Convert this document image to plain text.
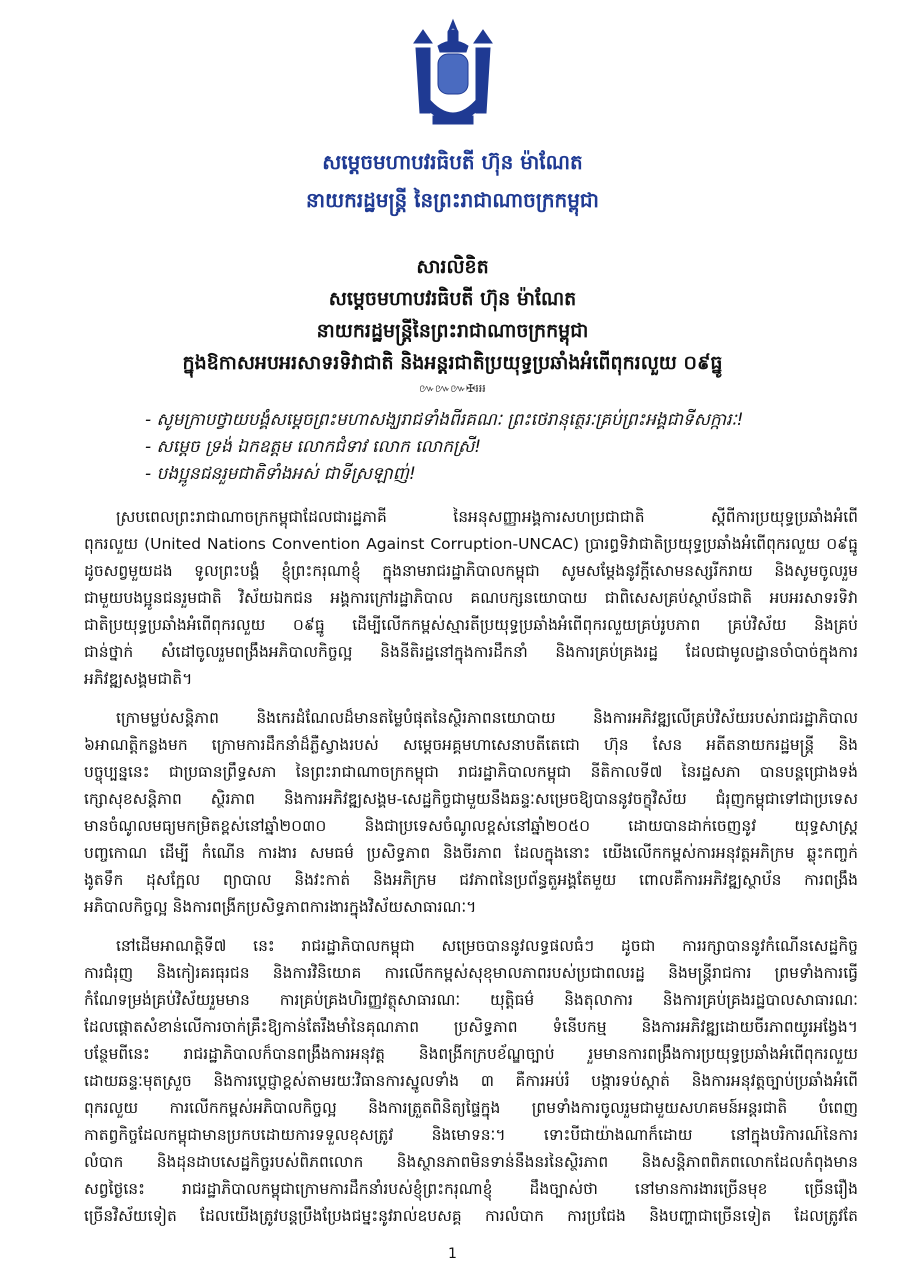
សម្តេចមហាបវរធិបតី ហ៊ុន ម៉ាណែត
នាយករដ្ឋមន្ត្រី នៃព្រះរាជាណាចក្រកម្ពុជា
សារលិខិត
សម្តេចមហាបវរធិបតី ហ៊ុន ម៉ាណែត
នាយករដ្ឋមន្ត្រីនៃព្រះរាជាណាចក្រកម្ពុជា
ក្នុងឱកាសអបអរសាទរទិវាជាតិ និងអន្តរជាតិប្រយុទ្ធប្រឆាំងអំពើពុករលួយ ០៩ធ្នូ
៚៚៚✠៛៛៛
- សូមក្រាបថ្វាយបង្គំសម្តេចព្រះមហាសង្ឃរាជទាំងពីរគណៈ ព្រះថេរានុត្ថេរៈគ្រប់ព្រះអង្គជាទីសក្ការៈ!
- សម្តេច ទ្រង់ ឯកឧត្តម លោកជំទាវ លោក លោកស្រី!
- បងប្អូនជនរួមជាតិទាំងអស់ ជាទីស្រឡាញ់!
ស្របពេលព្រះរាជាណាចក្រកម្ពុជាដែលជារដ្ឋភាគី នៃអនុសញ្ញាអង្គការសហប្រជាជាតិ ស្តីពីការប្រយុទ្ធប្រឆាំងអំពើ
ពុករលួយ (United Nations Convention Against Corruption-UNCAC) ប្រារព្ធទិវាជាតិប្រយុទ្ធប្រឆាំងអំពើពុករលួយ ០៩ធ្នូ
ដូចសព្វមួយដង ទូលព្រះបង្គំ ខ្ញុំព្រះករុណាខ្ញុំ ក្នុងនាមរាជរដ្ឋាភិបាលកម្ពុជា សូមសម្តែងនូវក្តីសោមនស្សរីករាយ និងសូមចូលរួម
ជាមួយបងប្អូនជនរួមជាតិ វិស័យឯកជន អង្គការក្រៅរដ្ឋាភិបាល គណបក្សនយោបាយ ជាពិសេសគ្រប់ស្ថាប័នជាតិ អបអរសាទរទិវា
ជាតិប្រយុទ្ធប្រឆាំងអំពើពុករលួយ ០៩ធ្នូ ដើម្បីលើកកម្ពស់ស្មារតីប្រយុទ្ធប្រឆាំងអំពើពុករលួយគ្រប់រូបភាព គ្រប់វិស័យ និងគ្រប់
ជាន់ថ្នាក់ សំដៅចូលរួមពង្រឹងអភិបាលកិច្ចល្អ និងនីតិរដ្ឋនៅក្នុងការដឹកនាំ និងការគ្រប់គ្រងរដ្ឋ ដែលជាមូលដ្ឋានចាំបាច់ក្នុងការ
អភិវឌ្ឍសង្គមជាតិ។
ក្រោមម្លប់សន្តិភាព និងកេរដំណែលដ៏មានតម្លៃបំផុតនៃស្ថិរភាពនយោបាយ និងការអភិវឌ្ឍលើគ្រប់វិស័យរបស់រាជរដ្ឋាភិបាល
៦អាណត្តិកន្លងមក ក្រោមការដឹកនាំដ៏ភ្លឺស្វាងរបស់ សម្តេចអគ្គមហាសេនាបតីតេជោ ហ៊ុន សែន អតីតនាយករដ្ឋមន្ត្រី និង
បច្ចុប្បន្ននេះ ជាប្រធានព្រឹទ្ធសភា នៃព្រះរាជាណាចក្រកម្ពុជា រាជរដ្ឋាភិបាលកម្ពុជា នីតិកាលទី៧ នៃរដ្ឋសភា បានបន្តជ្រោងទង់
ក្សោសុខសន្តិភាព ស្ថិរភាព និងការអភិវឌ្ឍសង្គម-សេដ្ឋកិច្ចជាមួយនឹងឆន្ទៈសម្រេចឱ្យបាននូវចក្ខុវិស័យ ជំរុញកម្ពុជាទៅជាប្រទេស
មានចំណូលមធ្យមកម្រិតខ្ពស់នៅឆ្នាំ២០៣០ និងជាប្រទេសចំណូលខ្ពស់នៅឆ្នាំ២០៥០ ដោយបានដាក់ចេញនូវ យុទ្ធសាស្ត្រ
បញ្ចកោណ ដើម្បី កំណើន ការងារ សមធម៌ ប្រសិទ្ធភាព និងចីរភាព ដែលក្នុងនោះ យើងលើកកម្ពស់ការអនុវត្តអភិក្រម ឆ្លុះកញ្ចក់
ងូតទឹក ដុសក្អែល ព្យាបាល និងវះកាត់ និងអភិក្រម ជវភាពនៃប្រព័ន្ធតួអង្គតែមួយ ពោលគឺការអភិវឌ្ឍស្ថាប័ន ការពង្រឹង
អភិបាលកិច្ចល្អ និងការពង្រីកប្រសិទ្ធភាពការងារក្នុងវិស័យសាធារណៈ។
នៅដើមអាណត្តិទី៧ នេះ រាជរដ្ឋាភិបាលកម្ពុជា សម្រេចបាននូវលទ្ធផលធំៗ ដូចជា ការរក្សាបាននូវកំណើនសេដ្ឋកិច្ច
ការជំរុញ និងកៀរគរធុរជន និងការវិនិយោគ ការលើកកម្ពស់សុខុមាលភាពរបស់ប្រជាពលរដ្ឋ និងមន្ត្រីរាជការ ព្រមទាំងការធ្វើ
កំណែទម្រង់គ្រប់វិស័យរួមមាន ការគ្រប់គ្រងហិរញ្ញវត្ថុសាធារណៈ យុត្តិធម៌ និងតុលាការ និងការគ្រប់គ្រងរដ្ឋបាលសាធារណៈ
ដែលផ្តោតសំខាន់លើការចាក់គ្រឹះឱ្យកាន់តែរឹងមាំនៃគុណភាព ប្រសិទ្ធភាព ទំនើបកម្ម និងការអភិវឌ្ឍដោយចីរភាពយូរអង្វែង។
បន្ថែមពីនេះ រាជរដ្ឋាភិបាលក៏បានពង្រឹងការអនុវត្ត និងពង្រីកក្របខ័ណ្ឌច្បាប់ រួមមានការពង្រឹងការប្រយុទ្ធប្រឆាំងអំពើពុករលួយ
ដោយឆន្ទៈមុតស្រួច និងការប្តេជ្ញាខ្ពស់តាមរយៈវិធានការស្នូលទាំង ៣ គឺការអប់រំ បង្ការទប់ស្កាត់ និងការអនុវត្តច្បាប់ប្រឆាំងអំពើ
ពុករលួយ ការលើកកម្ពស់អភិបាលកិច្ចល្អ និងការត្រួតពិនិត្យផ្ទៃក្នុង ព្រមទាំងការចូលរួមជាមួយសហគមន៍អន្តរជាតិ បំពេញ
កាតព្វកិច្ចដែលកម្ពុជាមានប្រកបដោយការទទួលខុសត្រូវ និងមោទនៈ។ ទោះបីជាយ៉ាងណាក៏ដោយ នៅក្នុងបរិការណ៍នៃការ
លំបាក និងដុនដាបសេដ្ឋកិច្ចរបស់ពិភពលោក និងស្ថានភាពមិនទាន់នឹងនរនៃស្ថិរភាព និងសន្តិភាពពិភពលោកដែលកំពុងមាន
សព្វថ្ងៃនេះ រាជរដ្ឋាភិបាលកម្ពុជាក្រោមការដឹកនាំរបស់ខ្ញុំព្រះករុណាខ្ញុំ ដឹងច្បាស់ថា នៅមានការងារច្រើនមុខ ច្រើនរឿង
ច្រើនវិស័យទៀត ដែលយើងត្រូវបន្តប្រឹងប្រែងជម្នះនូវរាល់ឧបសគ្គ ការលំបាក ការប្រជែង និងបញ្ហាជាច្រើនទៀត ដែលត្រូវតែ
1
